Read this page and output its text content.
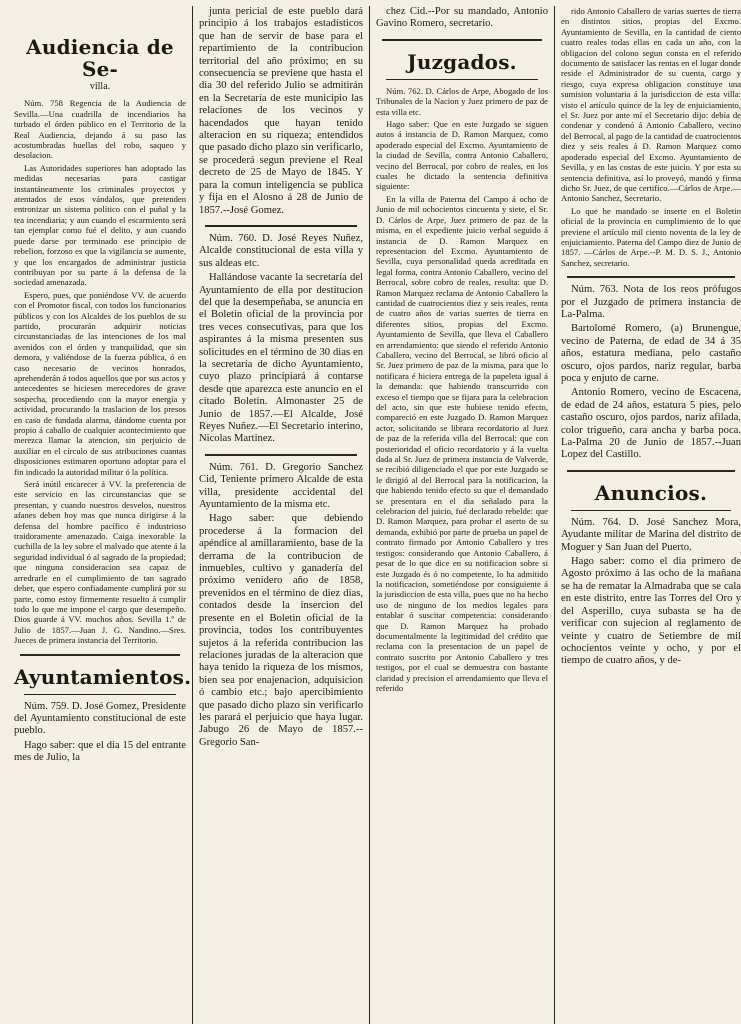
Audiencia de Se-
villa.

Núm. 758 Regencia de la Audiencia de Sevilla.—Una cuadrilla de incendiarios ha turbado el órden público en el Territorio de la Real Audiencia, dejando á su paso las acostumbradas huellas del robo, saqueo y desolacion.

Las Autoridades superiores han adoptado las medidas necesarias para castigar instantáneamente los criminales proyectos y atentados de esos vándalos, que pretenden entronizar un sistema político con el puñal y la tea incendiaria; y aun cuando el escarmiento será tan ejemplar como fué el delito, y aun cuando puede darse por terminado ese principio de rebelion, forzoso es que la vigilancia se aumente, y que los encargados de administrar justicia contribuyan por su parte á la defensa de la sociedad amenazada.

Espero, pues, que poniéndose VV. de acuerdo con el Promotor fiscal, con todos los funcionarios públicos y con los Alcaldes de los pueblos de su partido, procurarán adquirir noticias circunstanciadas de las intenciones de los mal avenidos con el órden y tranquilidad, que sin demora, y valiéndose de la fuerza pública, ó en caso necesario de vecinos honrados, aprehenderán á todos aquellos que por sus actos y antecedentes se hiciesen merecedores de grave sospecha, procediendo con la mayor energía y actividad, procurando la traslacion de los presos en caso de fundada alarma, dándome cuenta por propio á caballo de cualquier acontecimiento que merezca llamar la atencion, sin perjuicio de auxiliar en el círculo de sus atribuciones cuantas disposiciones estimaren oportuno adoptar para el fin indicado la autoridad militar ó la política.

Será inútil encarecer á VV. la preferencia de este servicio en las circunstancias que se presentan, y cuando nuestros desvelos, nuestros afanes deben hoy mas que nunca dirigirse á la defensa del hombre pacífico é industrioso traidoramente amenazado. Caiga inexorable la cuchilla de la ley sobre el malvado que atente á la seguridad individual ó al sagrado de la propiedad; que ninguna consideracion sea capaz de arredrarle en el cumplimiento de tan sagrado deber, que espero confiadamente cumplirá por su parte, como estoy firmemente resuelto á cumplir todo lo que me impone el cargo que desempeño. Dios guarde á VV. muchos años. Sevilla 1.º de Julio de 1857.—Juan J. G. Nandino.—Sres. Jueces de primera instancia del Territorio.

Ayuntamientos.

Núm. 759. D. José Gomez, Presidente del Ayuntamiento constitucional de este pueblo.

Hago saber: que el dia 15 del entrante mes de Julio, la

junta pericial de este pueblo dará principio á los trabajos estadísticos que han de servir de base para el repartimiento de la contribucion territorial del año próximo; en su consecuencia se previene que hasta el dia 30 del referido Julio se admitirán en la Secretaría de este municipio las relaciones de los vecinos y hacendados que hayan tenido alteracion en su riqueza; entendidos que pasado dicho plazo sin verificarlo, se procederá segun previene el Real decreto de 25 de Mayo de 1845. Y para la comun inteligencia se publica y fija en el Alosno á 28 de Junio de 1857.--José Gomez.

Núm. 760. D. José Reyes Nuñez, Alcalde constitucional de esta villa y sus aldeas etc.

Hallándose vacante la secretaría del Ayuntamiento de ella por destitucion del que la desempeñaba, se anuncia en el Boletin oficial de la provincia por tres veces consecutivas, para que los aspirantes á la misma presenten sus solicitudes en el término de 30 dias en la secretaría de dicho Ayuntamiento, cuyo plazo principiará á contarse desde que aparezca este anuncio en el citado Boletin. Almonaster 25 de Junio de 1857.—El Alcalde, José Reyes Nuñez.—El Secretario interino, Nicolas Martinez.

Núm. 761. D. Gregorio Sanchez Cid, Teniente primero Alcalde de esta villa, presidente accidental del Ayuntamiento de la misma etc.

Hago saber: que debiendo procederse á la formacion del apéndice al amillaramiento, base de la derrama de la contribucion de inmuebles, cultivo y ganadería del próximo venidero año de 1858, prevenidos en el término de diez dias, contados desde la insercion del presente en el Boletin oficial de la provincia, todos los contribuyentes sujetos á la referida contribucion las relaciones juradas de la alteracion que haya tenido la riqueza de los mismos, bien sea por enajenacion, adquisicion ó cambio etc.; bajo apercibimiento que pasado dicho plazo sin verificarlo les parará el perjuicio que haya lugar. Jabugo 26 de Mayo de 1857.--Gregorio San-

chez Cid.--Por su mandado, Antonio Gavino Romero, secretario.

Juzgados.

Núm. 762. D. Cárlos de Arpe, Abogado de los Tribunales de la Nacion y Juez primero de paz de esta villa etc.

Hago saber: Que en este Juzgado se siguen autos á instancia de D. Ramon Marquez, como apoderado especial del Excmo. Ayuntamiento de la ciudad de Sevilla, contra Antonio Caballero, vecino del Berrocal, por cobro de reales, en los cuales he dictado la sentencia definitiva siguiente:

En la villa de Paterna del Campo á ocho de Junio de mil ochocientos cincuenta y siete, el Sr. D. Cárlos de Arpe, Juez primero de paz de la misma, en el expediente juicio verbal seguido á instancia de D. Ramon Marquez en representacion del Excmo. Ayuntamiento de Sevilla, cuya personalidad queda acreditada en legal forma, contra Antonio Caballero, vecino del Berrocal, sobre cobro de reales, resulta: que D. Ramon Marquez reclama de Antonio Caballero la cantidad de cuatrocientos diez y seis reales, renta de cuatro años de varias suertes de tierra en diferentes sitios, propias del Excmo. Ayuntamiento de Sevilla, que lleva el Caballero en arrendamiento: que siendo el referido Antonio Caballero, vecino del Berrocal, se libró oficio al Sr. Juez primero de paz de la misma, para que lo notificara é hiciera entrega de la papeleta igual á la demanda: que habiendo transcurrido con exceso el tiempo que se fijara para la celebracion del acto, sin que este hubiese tenido efecto, compareció en este Juzgado D. Ramon Marquez actor, solicitando se librara recordatorio al Juez de paz de la referida villa del Berrocal: que con posterioridad el oficio recordatorio y á la vuelta dada al Sr. Juez de primera instancia de Valverde, se recibió diligenciado el que por este Juzgado se le dirigió al del Berrocal para la notificacion, la que habiendo tenido efecto su que el demandado se presentara en el dia señalado para la celebracion del juicio, fué declarado rebelde: que D. Ramon Marquez, para probar el aserto de su demanda, exhibió por parte de prueba un papel de contrato firmado por Antonio Caballero y tres testigos: considerando que Antonio Caballero, á pesar de lo que dice en su notificacion sobre si este Juzgado és ó no competente, lo ha admitido la notificacion, sometiéndose por consiguiente á la jurisdiccion de esta villa, pues que no ha hecho uso de ninguno de los medios legales para entablar ó suscitar competencia: considerando que D. Ramon Marquez ha probado documentalmente la legitimidad del crédito que reclama con la presentacion de un papel de contrato suscrito por Antonio Caballero y tres testigos, por el cual se demuestra con bastante claridad y precision el arrendamiento que lleva el referido

rido Antonio Caballero de varias suertes de tierra en distintos sitios, propias del Excmo. Ayuntamiento de Sevilla, en la cantidad de ciento cuatro reales todas ellas en cada un año, con la obligacion del colono segun consta en el referido documento de satisfacer las rentas en el lugar donde reside el Administrador de su cuenta, cargo y riesgo, cuya expresa obligacion constituye una sumision voluntaria á la jurisdiccion de esta villa: visto el artículo quince de la ley de enjuiciamiento, el Sr. Juez por ante mí el Secretario dijo: debía de condenar y condenó á Antonio Caballero, vecino del Berrocal, al pago de la cantidad de cuatrocientos diez y seis reales á D. Ramon Marquez como apoderado especial del Excmo. Ayuntamiento de Sevilla, y en las costas de este juicio. Y por esta su sentencia definitiva, así lo proveyó, mandó y firma dicho Sr. Juez, de que certifico.—Cárlos de Arpe.—Antonio Sanchez, Secretario.

Lo que he mandado se inserte en el Boletin oficial de la provincia en cumplimiento de lo que previene el artículo mil ciento noventa de la ley de enjuiciamiento. Paterna del Campo diez de Junio de 1857. —Cárlos de Arpe.--P. M. D. S. J., Antonio Sanchez, secretario.

Núm. 763. Nota de los reos prófugos por el Juzgado de primera instancia de La-Palma.

Bartolomé Romero, (a) Brunengue, vecino de Paterna, de edad de 34 á 35 años, estatura mediana, pelo castaño oscuro, ojos pardos, nariz regular, barba poca y enjuto de carne.

Antonio Romero, vecino de Escacena, de edad de 24 años, estatura 5 pies, pelo castaño oscuro, ojos pardos, nariz afilada, color trigueño, cara ancha y barba poca. La-Palma 20 de Junio de 1857.--Juan Lopez del Castillo.

Anuncios.

Núm. 764. D. José Sanchez Mora, Ayudante militar de Marina del distrito de Moguer y San Juan del Puerto.

Hago saber: como el dia primero de Agosto próximo á las ocho de la mañana se ha de rematar la Almadraba que se cala en este distrito, entre las Torres del Oro y del Asperillo, cuya subasta se ha de verificar con sujecion al reglamento de veinte y cuatro de Setiembre de mil ochocientos veinte y ocho, y por el tiempo de cuatro años, y de-
